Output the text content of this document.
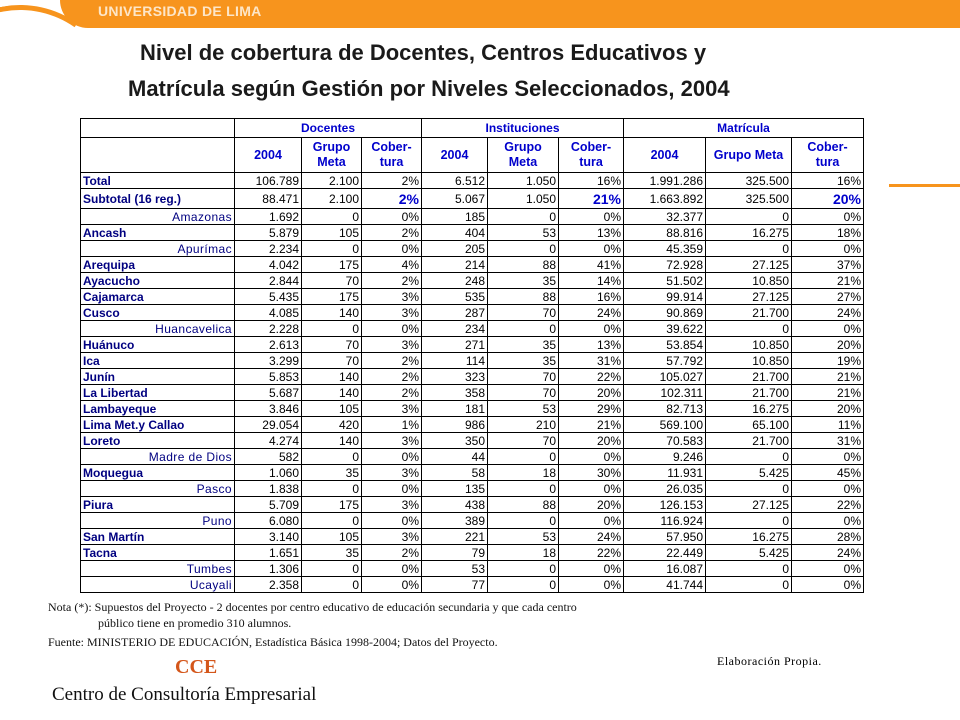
UNIVERSIDAD DE LIMA
Nivel de cobertura de Docentes, Centros Educativos y
Matrícula según Gestión por Niveles Seleccionados, 2004
	Docentes			Instituciones			Matrícula		
	2004	Grupo
Meta	Cober-
tura	2004	Grupo
Meta	Cober-
tura	2004	Grupo Meta	Cober-
tura
Total	106.789	2.100	2%	6.512	1.050	16%	1.991.286	325.500	16%
Subtotal (16 reg.)	88.471	2.100	2%	5.067	1.050	21%	1.663.892	325.500	20%
Amazonas	1.692	0	0%	185	0	0%	32.377	0	0%
Ancash	5.879	105	2%	404	53	13%	88.816	16.275	18%
Apurímac	2.234	0	0%	205	0	0%	45.359	0	0%
Arequipa	4.042	175	4%	214	88	41%	72.928	27.125	37%
Ayacucho	2.844	70	2%	248	35	14%	51.502	10.850	21%
Cajamarca	5.435	175	3%	535	88	16%	99.914	27.125	27%
Cusco	4.085	140	3%	287	70	24%	90.869	21.700	24%
Huancavelica	2.228	0	0%	234	0	0%	39.622	0	0%
Huánuco	2.613	70	3%	271	35	13%	53.854	10.850	20%
Ica	3.299	70	2%	114	35	31%	57.792	10.850	19%
Junín	5.853	140	2%	323	70	22%	105.027	21.700	21%
La Libertad	5.687	140	2%	358	70	20%	102.311	21.700	21%
Lambayeque	3.846	105	3%	181	53	29%	82.713	16.275	20%
Lima Met.y Callao	29.054	420	1%	986	210	21%	569.100	65.100	11%
Loreto	4.274	140	3%	350	70	20%	70.583	21.700	31%
Madre de Dios	582	0	0%	44	0	0%	9.246	0	0%
Moquegua	1.060	35	3%	58	18	30%	11.931	5.425	45%
Pasco	1.838	0	0%	135	0	0%	26.035	0	0%
Piura	5.709	175	3%	438	88	20%	126.153	27.125	22%
Puno	6.080	0	0%	389	0	0%	116.924	0	0%
San Martín	3.140	105	3%	221	53	24%	57.950	16.275	28%
Tacna	1.651	35	2%	79	18	22%	22.449	5.425	24%
Tumbes	1.306	0	0%	53	0	0%	16.087	0	0%
Ucayali	2.358	0	0%	77	0	0%	41.744	0	0%
Nota (*): Supuestos del Proyecto - 2 docentes por centro educativo de educación secundaria y que cada centro
público tiene en promedio 310 alumnos.
Fuente: MINISTERIO DE EDUCACIÓN, Estadística Básica 1998-2004; Datos del Proyecto.
Elaboración Propia.
CCE
Centro de Consultoría Empresarial
